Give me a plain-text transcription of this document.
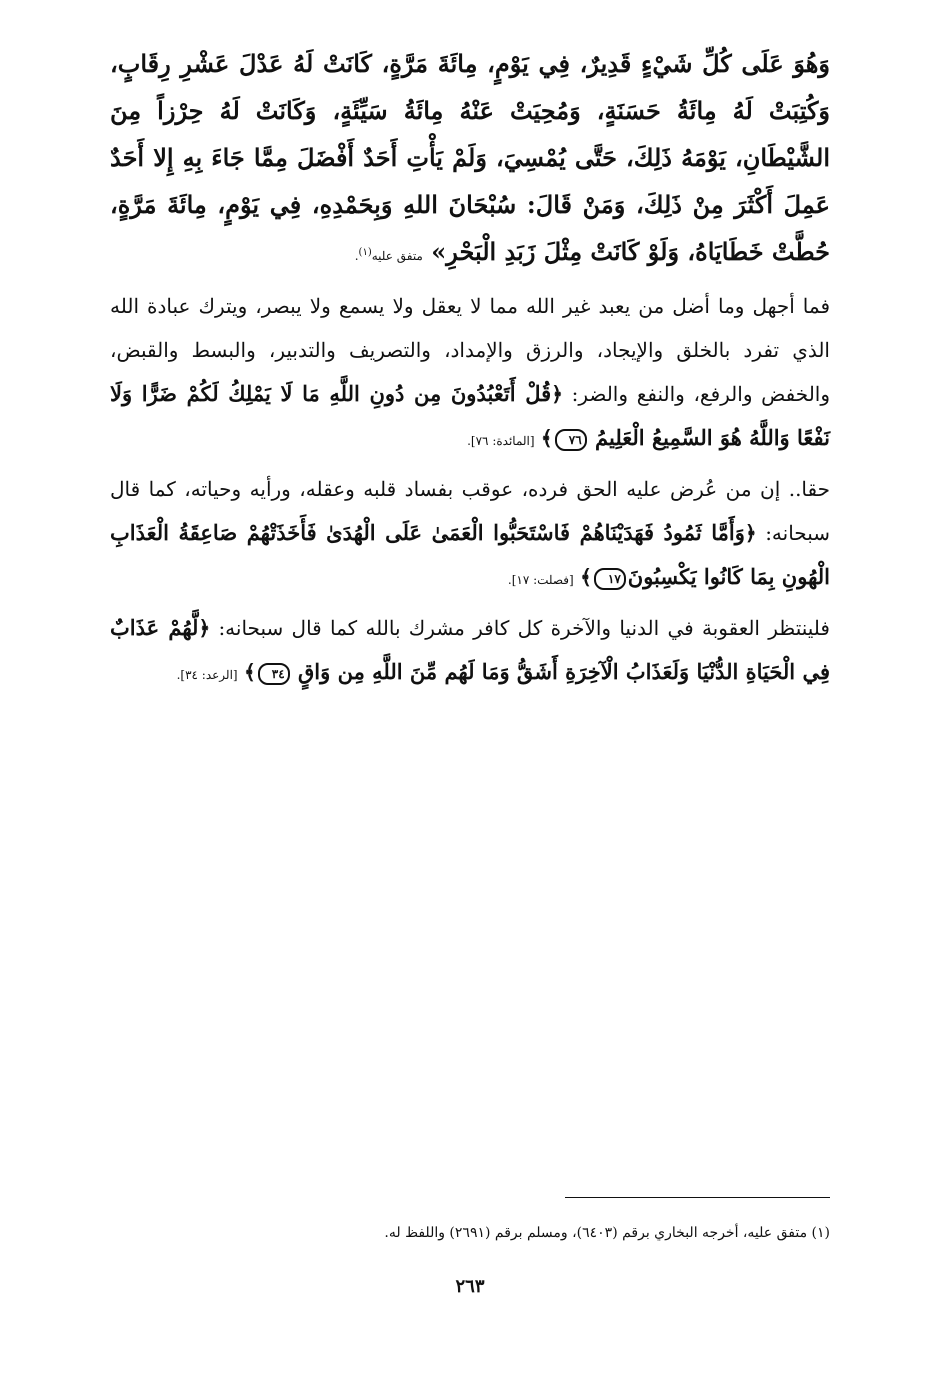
وَهُوَ عَلَى كُلِّ شَيْءٍ قَدِيرٌ، فِي يَوْمٍ، مِائَةَ مَرَّةٍ، كَانَتْ لَهُ عَدْلَ عَشْرِ رِقَابٍ، وَكُتِبَتْ لَهُ مِائَةُ حَسَنَةٍ، وَمُحِيَتْ عَنْهُ مِائَةُ سَيِّئَةٍ، وَكَانَتْ لَهُ حِرْزاً مِنَ الشَّيْطَانِ، يَوْمَهُ ذَلِكَ، حَتَّى يُمْسِيَ، وَلَمْ يَأْتِ أَحَدٌ أَفْضَلَ مِمَّا جَاءَ بِهِ إِلا أَحَدٌ عَمِلَ أَكْثَرَ مِنْ ذَلِكَ، وَمَنْ قَالَ: سُبْحَانَ اللهِ وَبِحَمْدِهِ، فِي يَوْمٍ، مِائَةَ مَرَّةٍ، حُطَّتْ خَطَايَاهُ، وَلَوْ كَانَتْ مِثْلَ زَبَدِ الْبَحْرِ» متفق عليه$^{(١)}$.

فما أجهل وما أضل من يعبد غير الله مما لا يعقل ولا يسمع ولا يبصر، ويترك عبادة الله الذي تفرد بالخلق والإيجاد، والرزق والإمداد، والتصريف والتدبير، والبسط والقبض، والخفض والرفع، والنفع والضر: ﴿قُلْ أَتَعْبُدُونَ مِن دُونِ اللَّهِ مَا لَا يَمْلِكُ لَكُمْ ضَرًّا وَلَا نَفْعًا وَاللَّهُ هُوَ السَّمِيعُ الْعَلِيمُ ٧٦﴾ [المائدة: ٧٦].

حقا.. إن من عُرض عليه الحق فرده، عوقب بفساد قلبه وعقله، ورأيه وحياته، كما قال سبحانه: ﴿وَأَمَّا ثَمُودُ فَهَدَيْنَاهُمْ فَاسْتَحَبُّوا الْعَمَىٰ عَلَى الْهُدَىٰ فَأَخَذَتْهُمْ صَاعِقَةُ الْعَذَابِ الْهُونِ بِمَا كَانُوا يَكْسِبُونَ١٧﴾ [فصلت: ١٧].

فلينتظر العقوبة في الدنيا والآخرة كل كافر مشرك بالله كما قال سبحانه: ﴿لَّهُمْ عَذَابٌ فِي الْحَيَاةِ الدُّنْيَا وَلَعَذَابُ الْآخِرَةِ أَشَقُّ وَمَا لَهُم مِّنَ اللَّهِ مِن وَاقٍ ٣٤﴾ [الرعد: ٣٤].

(١) متفق عليه، أخرجه البخاري برقم (٦٤٠٣)، ومسلم برقم (٢٦٩١) واللفظ له.
٢٦٣
